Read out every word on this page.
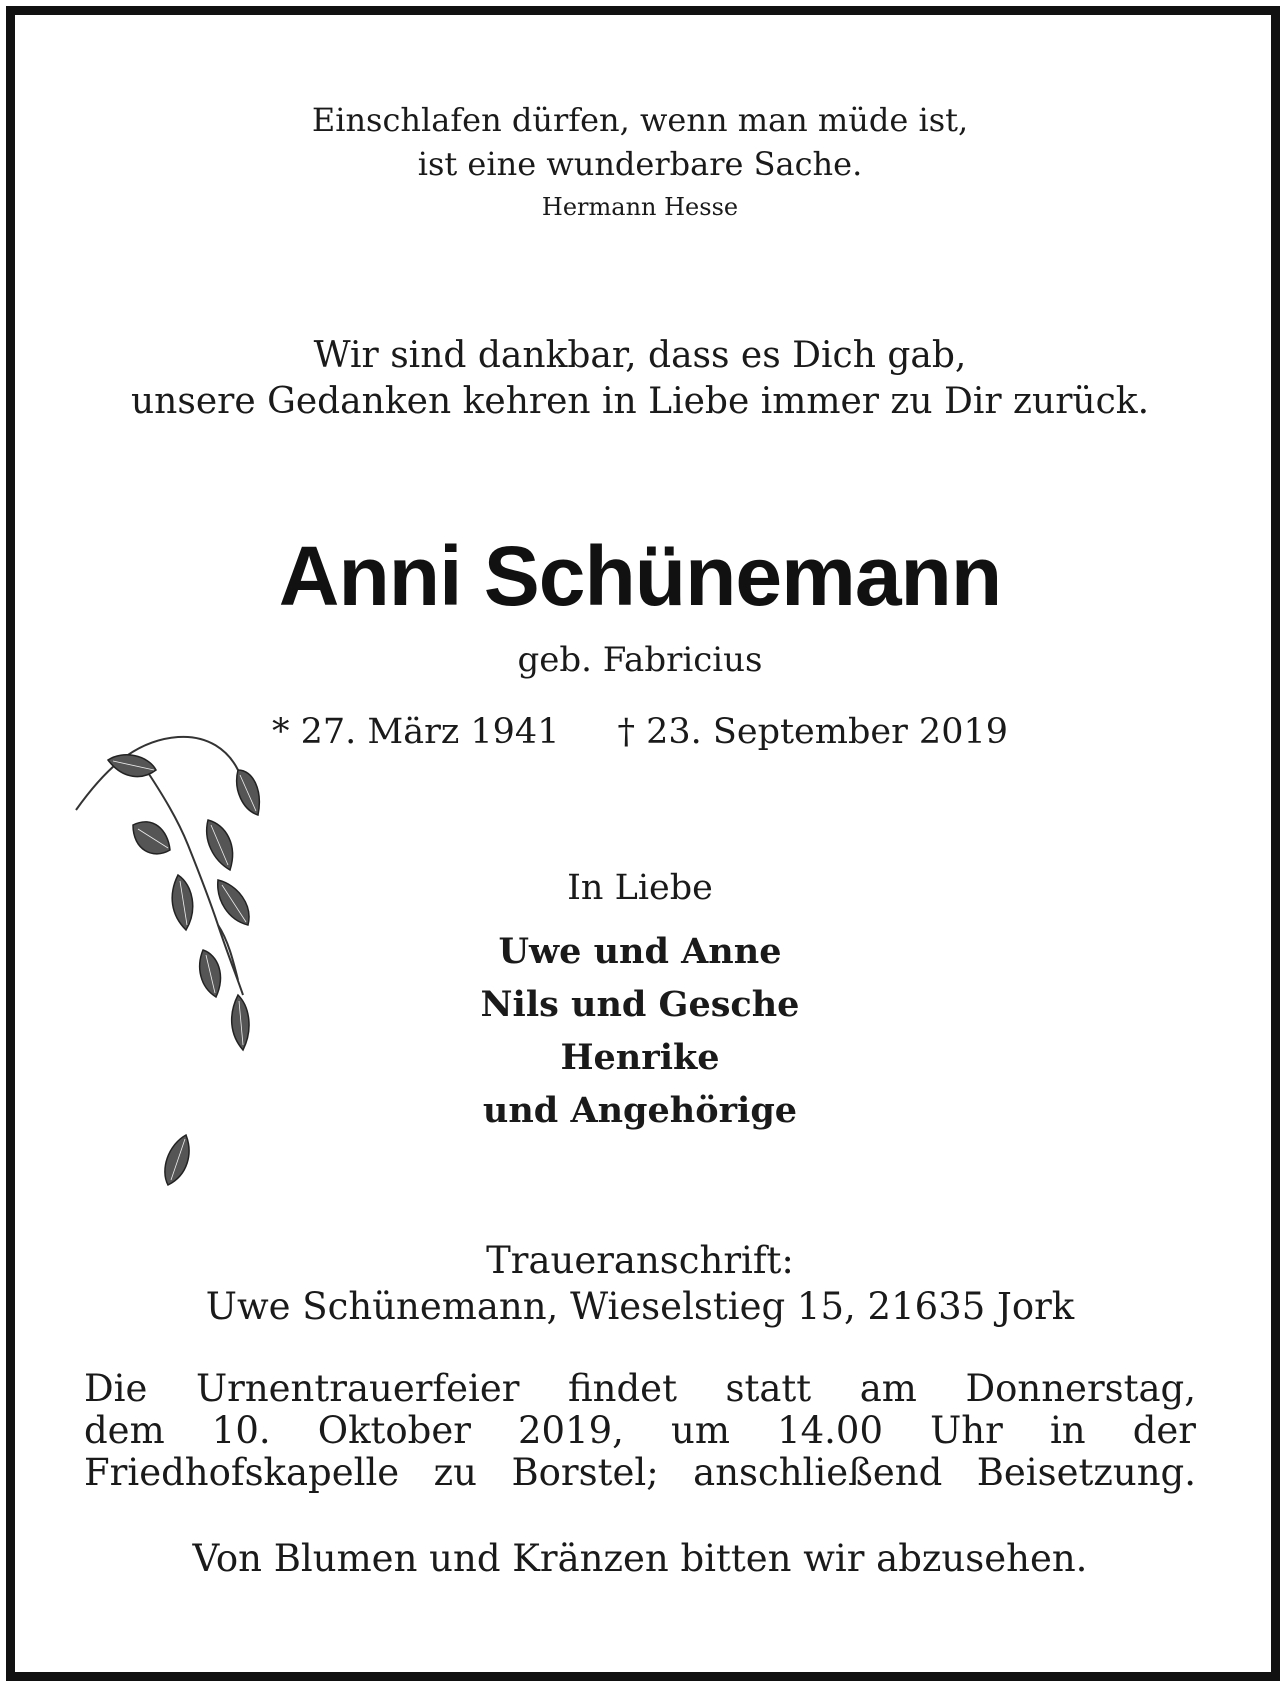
Einschlafen dürfen, wenn man müde ist,
ist eine wunderbare Sache.
Hermann Hesse
Wir sind dankbar, dass es Dich gab,
unsere Gedanken kehren in Liebe immer zu Dir zurück.
Anni Schünemann
geb. Fabricius
* 27. März 1941 † 23. September 2019
In Liebe
Uwe und Anne
Nils und Gesche
Henrike
und Angehörige
Traueranschrift:
Uwe Schünemann, Wieselstieg 15, 21635 Jork
Die Urnentrauerfeier findet statt am Donnerstag,
dem 10. Oktober 2019, um 14.00 Uhr in der
Friedhofskapelle zu Borstel; anschließend Beisetzung.
Von Blumen und Kränzen bitten wir abzusehen.
